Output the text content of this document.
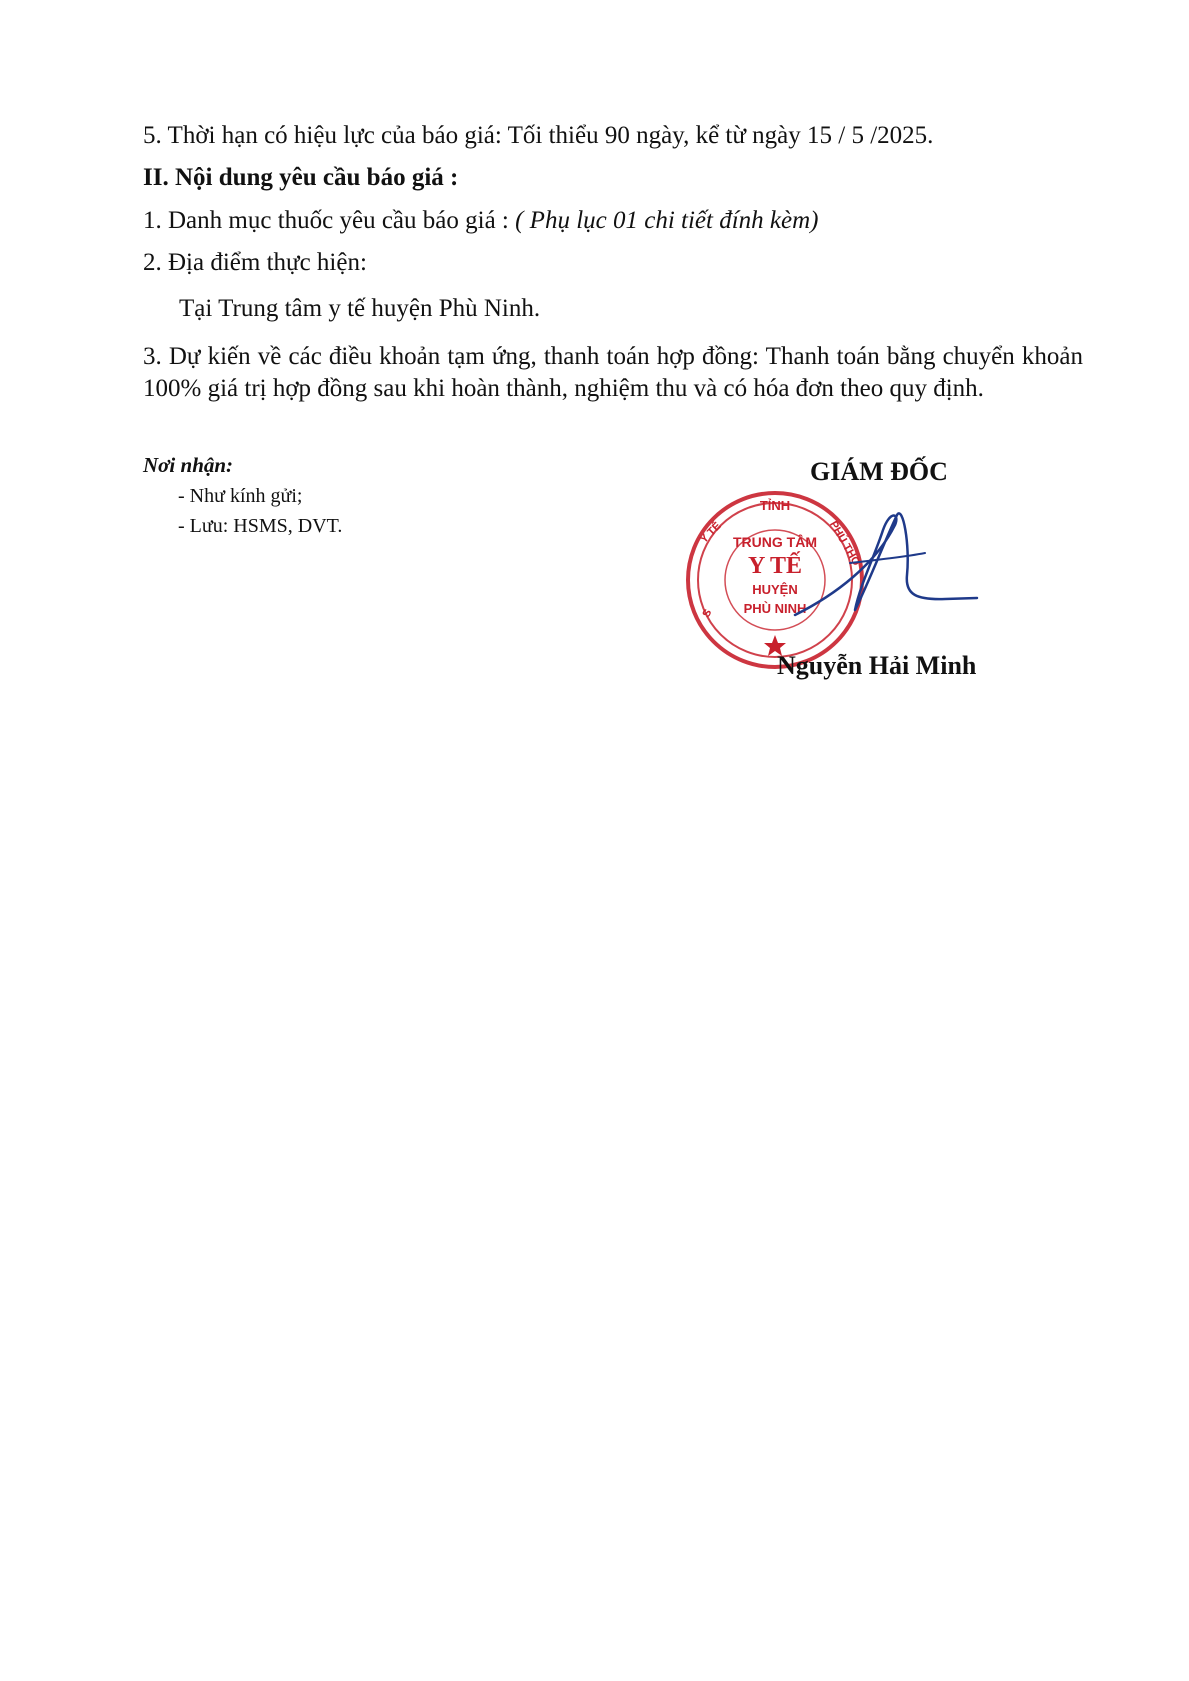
5. Thời hạn có hiệu lực của báo giá: Tối thiểu 90 ngày, kể từ ngày 15 / 5 /2025.
II. Nội dung yêu cầu báo giá :
1. Danh mục thuốc yêu cầu báo giá : ( Phụ lục 01 chi tiết đính kèm)
2. Địa điểm thực hiện:
Tại Trung tâm y tế huyện Phù Ninh.
3. Dự kiến về các điều khoản tạm ứng, thanh toán hợp đồng: Thanh toán bằng chuyển khoản 100% giá trị hợp đồng sau khi hoàn thành, nghiệm thu và có hóa đơn theo quy định.
Nơi nhận:
- Như kính gửi;
- Lưu: HSMS, DVT.
GIÁM ĐỐC
TỈNH
Y TẾ	PHÚ THỌ
S
TRUNG TÂM
Y TẾ
HUYỆN
PHÙ NINH
Nguyễn Hải Minh
